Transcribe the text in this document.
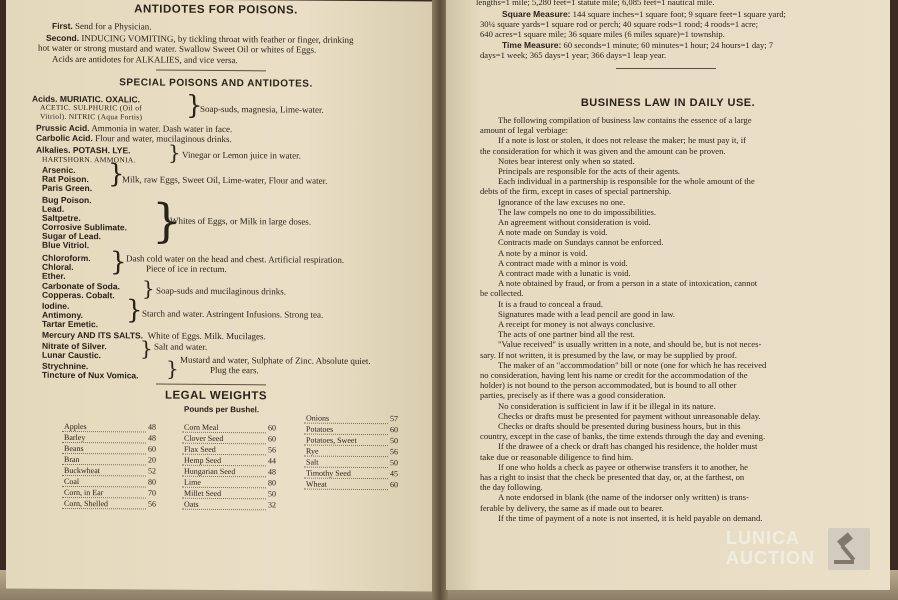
ANTIDOTES FOR POISONS.
First. Send for a Physician.
Second. INDUCING VOMITING, by tickling throat with feather or finger, drinking
hot water or strong mustard and water. Swallow Sweet Oil or whites of Eggs.
Acids are antidotes for ALKALIES, and vice versa.
SPECIAL POISONS AND ANTIDOTES.
Acids. MURIATIC. OXALIC.
ACETIC. SULPHURIC (Oil of
Vitriol). NITRIC (Aqua Fortis) }
Soap-suds, magnesia, Lime-water.
Prussic Acid. Ammonia in water. Dash water in face.
Carbolic Acid. Flour and water, mucilaginous drinks.
Alkalies. POTASH. LYE.
HARTSHORN. AMMONIA. } Vinegar or Lemon juice in water.
Arsenic.
Rat Poison.
Paris Green. }
Milk, raw Eggs, Sweet Oil, Lime-water, Flour and water.
Bug Poison.
Lead.
Saltpetre.
Corrosive Sublimate.
Sugar of Lead.
Blue Vitriol. }
Whites of Eggs, or Milk in large doses.
Chloroform.
Chloral.
Ether. } Dash cold water on the head and chest. Artificial respiration.
Piece of ice in rectum.
Carbonate of Soda.
Copperas. Cobalt. } Soap-suds and mucilaginous drinks.
Iodine.
Antimony.
Tartar Emetic. } Starch and water. Astringent Infusions. Strong tea.
Mercury AND ITS SALTS. White of Eggs. Milk. Mucilages.
Nitrate of Silver.
Lunar Caustic. } Salt and water.
Strychnine.
Tincture of Nux Vomica. } Mustard and water, Sulphate of Zinc. Absolute quiet.
Plug the ears.
LEGAL WEIGHTS
Pounds per Bushel.
Apples	48
Barley	48
Beans	60
Bran	20
Buckwheat	52
Coal	80
Corn, in Ear	70
Corn, Shelled	56
Corn Meal	60
Clover Seed	60
Flax Seed	56
Hemp Seed	44
Hungarian Seed	48
Lime	80
Millet Seed	50
Oats	32
Onions	57
Potatoes	60
Potatoes, Sweet	50
Rye	56
Salt	50
Timothy Seed	45
Wheat	60
lengths=1 mile; 5,280 feet=1 statute mile; 6,085 feet=1 nautical mile.
Square Measure: 144 square inches=1 square foot; 9 square feet=1 square yard;
30¼ square yards=1 square rod or perch; 40 square rods=1 rood; 4 roods=1 acre;
640 acres=1 square mile; 36 square miles (6 miles square)=1 township.
Time Measure: 60 seconds=1 minute; 60 minutes=1 hour; 24 hours=1 day; 7
days=1 week; 365 days=1 year; 366 days=1 leap year.
BUSINESS LAW IN DAILY USE.
The following compilation of business law contains the essence of a large
amount of legal verbiage:
If a note is lost or stolen, it does not release the maker; he must pay it, if
the consideration for which it was given and the amount can be proven.
Notes bear interest only when so stated.
Principals are responsible for the acts of their agents.
Each individual in a partnership is responsible for the whole amount of the
debts of the firm, except in cases of special partnership.
Ignorance of the law excuses no one.
The law compels no one to do impossibilities.
An agreement without consideration is void.
A note made on Sunday is void.
Contracts made on Sundays cannot be enforced.
A note by a minor is void.
A contract made with a minor is void.
A contract made with a lunatic is void.
A note obtained by fraud, or from a person in a state of intoxication, cannot
be collected.
It is a fraud to conceal a fraud.
Signatures made with a lead pencil are good in law.
A receipt for money is not always conclusive.
The acts of one partner bind all the rest.
"Value received" is usually written in a note, and should be, but is not neces-
sary. If not written, it is presumed by the law, or may be supplied by proof.
The maker of an "accommodation" bill or note (one for which he has received
no consideration, having lent his name or credit for the accommodation of the
holder) is not bound to the person accommodated, but is bound to all other
parties, precisely as if there was a good consideration.
No consideration is sufficient in law if it be illegal in its nature.
Checks or drafts must be presented for payment without unreasonable delay.
Checks or drafts should be presented during business hours, but in this
country, except in the case of banks, the time extends through the day and evening.
If the drawee of a check or draft has changed his residence, the holder must
take due or reasonable diligence to find him.
If one who holds a check as payee or otherwise transfers it to another, he
has a right to insist that the check be presented that day, or, at the farthest, on
the day following.
A note endorsed in blank (the name of the indorser only written) is trans-
ferable by delivery, the same as if made out to bearer.
If the time of payment of a note is not inserted, it is held payable on demand.
LUNICA
AUCTION
